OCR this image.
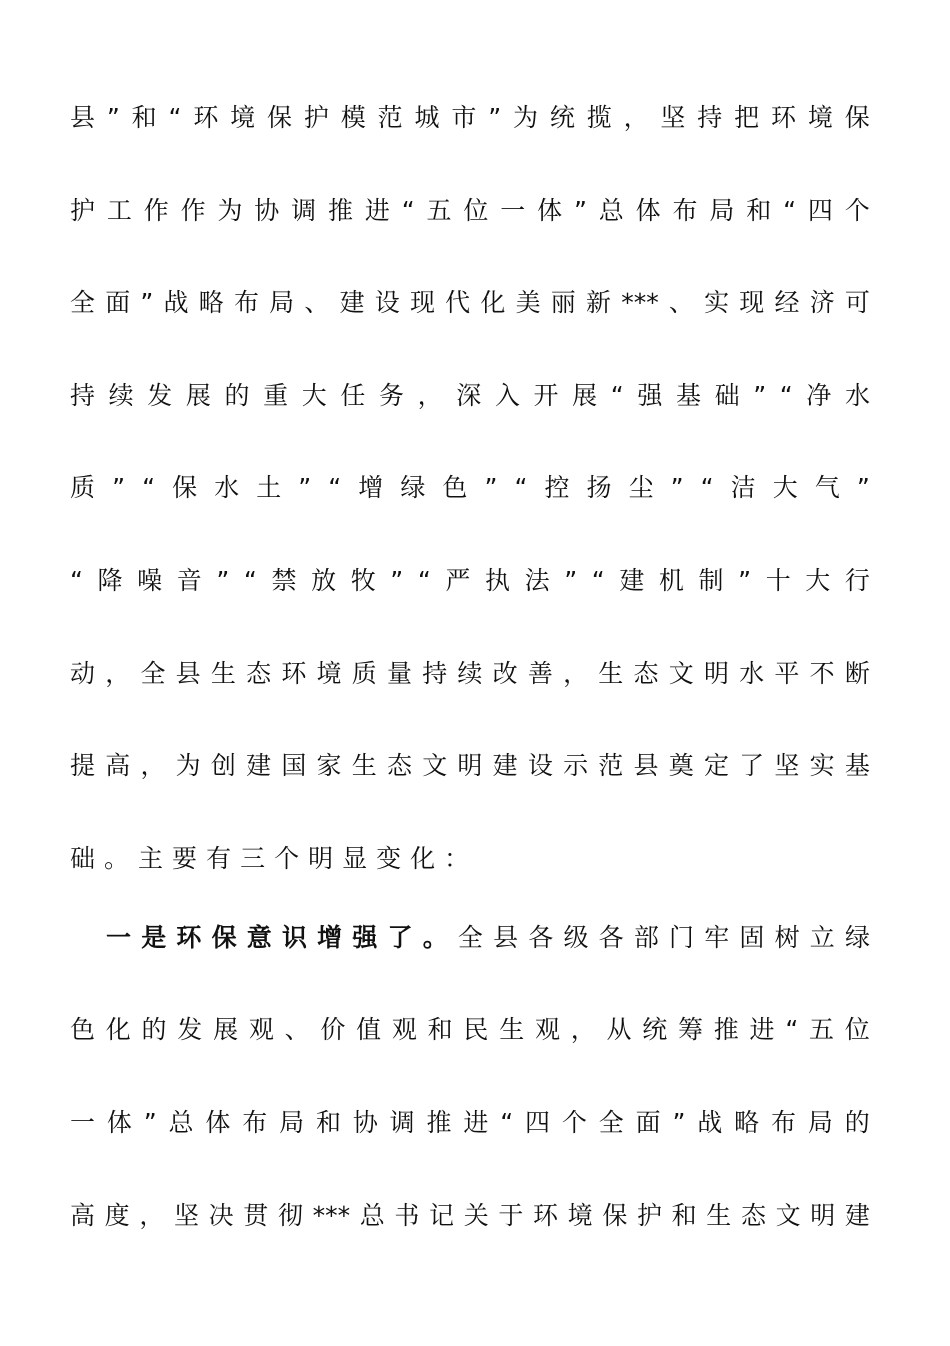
县 ” 和 “ 环 境 保 护 模 范 城 市 ” 为 统 揽 ， 坚 持 把 环 境 保
护 工 作 作 为 协 调 推 进 “ 五 位 一 体 ” 总 体 布 局 和 “ 四 个
全 面 ” 战 略 布 局 、 建 设 现 代 化 美 丽 新 *** 、 实 现 经 济 可
持 续 发 展 的 重 大 任 务 ， 深 入 开 展 “ 强 基 础 ” “ 净 水
质 ” “ 保 水 土 ” “ 增 绿 色 ” “ 控 扬 尘 ” “ 洁 大 气 ”
“ 降 噪 音 ” “ 禁 放 牧 ” “ 严 执 法 ” “ 建 机 制 ” 十 大 行
动 ， 全 县 生 态 环 境 质 量 持 续 改 善 ， 生 态 文 明 水 平 不 断
提 高 ， 为 创 建 国 家 生 态 文 明 建 设 示 范 县 奠 定 了 坚 实 基
础 。 主 要 有 三 个 明 显 变 化 ：
一 是 环 保 意 识 增 强 了 。 全 县 各 级 各 部 门 牢 固 树 立 绿
色 化 的 发 展 观 、 价 值 观 和 民 生 观 ， 从 统 筹 推 进 “ 五 位
一 体 ” 总 体 布 局 和 协 调 推 进 “ 四 个 全 面 ” 战 略 布 局 的
高 度 ， 坚 决 贯 彻 *** 总 书 记 关 于 环 境 保 护 和 生 态 文 明 建
